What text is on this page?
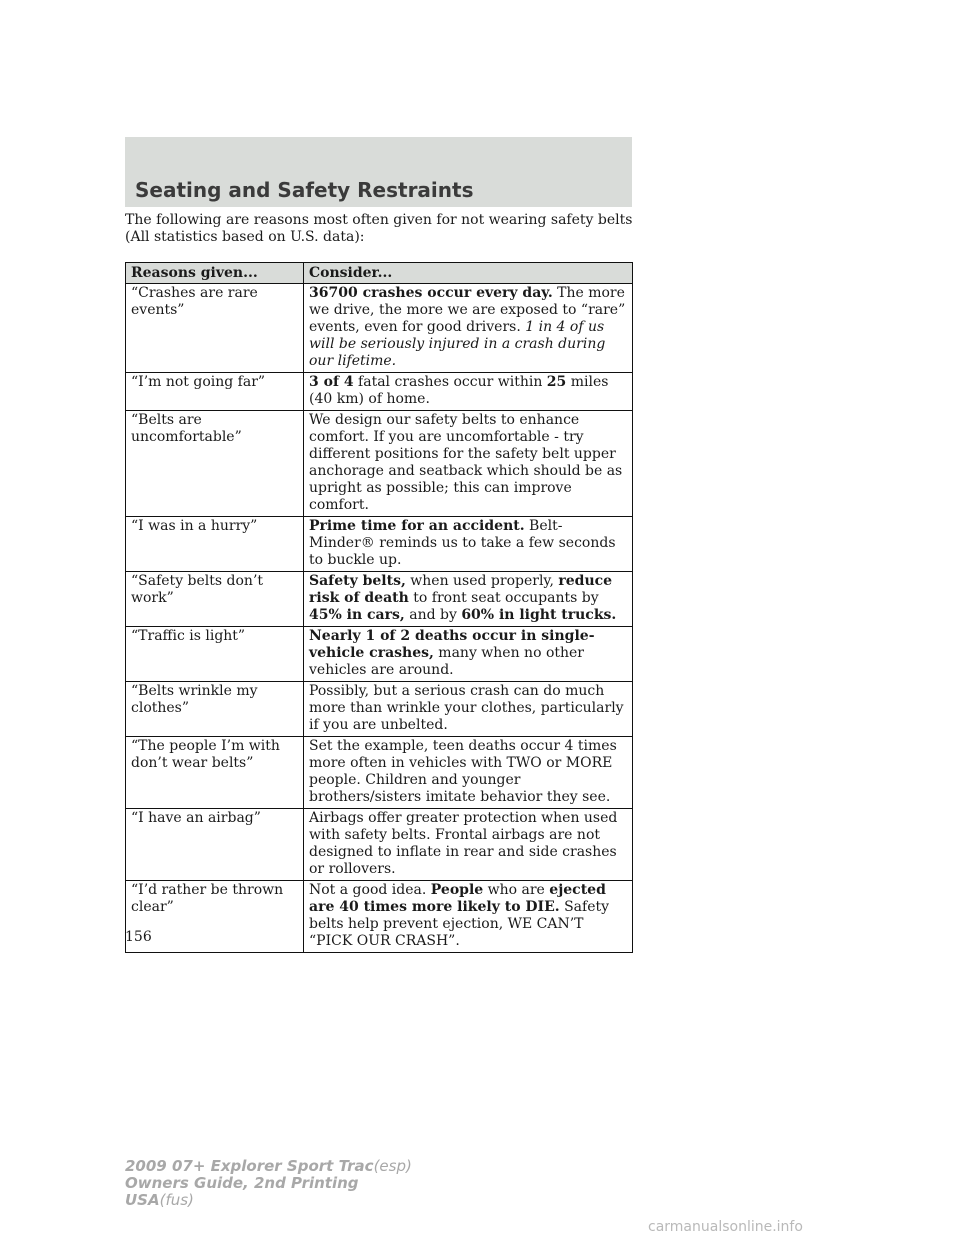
Seating and Safety Restraints

The following are reasons most often given for not wearing safety belts
(All statistics based on U.S. data):

Reasons given...	Consider...
“Crashes are rare events”	36700 crashes occur every day. The more we drive, the more we are exposed to “rare” events, even for good drivers. 1 in 4 of us will be seriously injured in a crash during our lifetime.
“I’m not going far”	3 of 4 fatal crashes occur within 25 miles (40 km) of home.
“Belts are uncomfortable”	We design our safety belts to enhance comfort. If you are uncomfortable - try different positions for the safety belt upper anchorage and seatback which should be as upright as possible; this can improve comfort.
“I was in a hurry”	Prime time for an accident. Belt-Minder® reminds us to take a few seconds to buckle up.
“Safety belts don’t work”	Safety belts, when used properly, reduce risk of death to front seat occupants by 45% in cars, and by 60% in light trucks.
“Traffic is light”	Nearly 1 of 2 deaths occur in single-vehicle crashes, many when no other vehicles are around.
“Belts wrinkle my clothes”	Possibly, but a serious crash can do much more than wrinkle your clothes, particularly if you are unbelted.
“The people I’m with don’t wear belts”	Set the example, teen deaths occur 4 times more often in vehicles with TWO or MORE people. Children and younger brothers/sisters imitate behavior they see.
“I have an airbag”	Airbags offer greater protection when used with safety belts. Frontal airbags are not designed to inflate in rear and side crashes or rollovers.
“I’d rather be thrown clear”	Not a good idea. People who are ejected are 40 times more likely to DIE. Safety belts help prevent ejection, WE CAN’T “PICK OUR CRASH”.
156
2009 07+ Explorer Sport Trac(esp)
Owners Guide, 2nd Printing
USA(fus)
carmanualsonline.info
